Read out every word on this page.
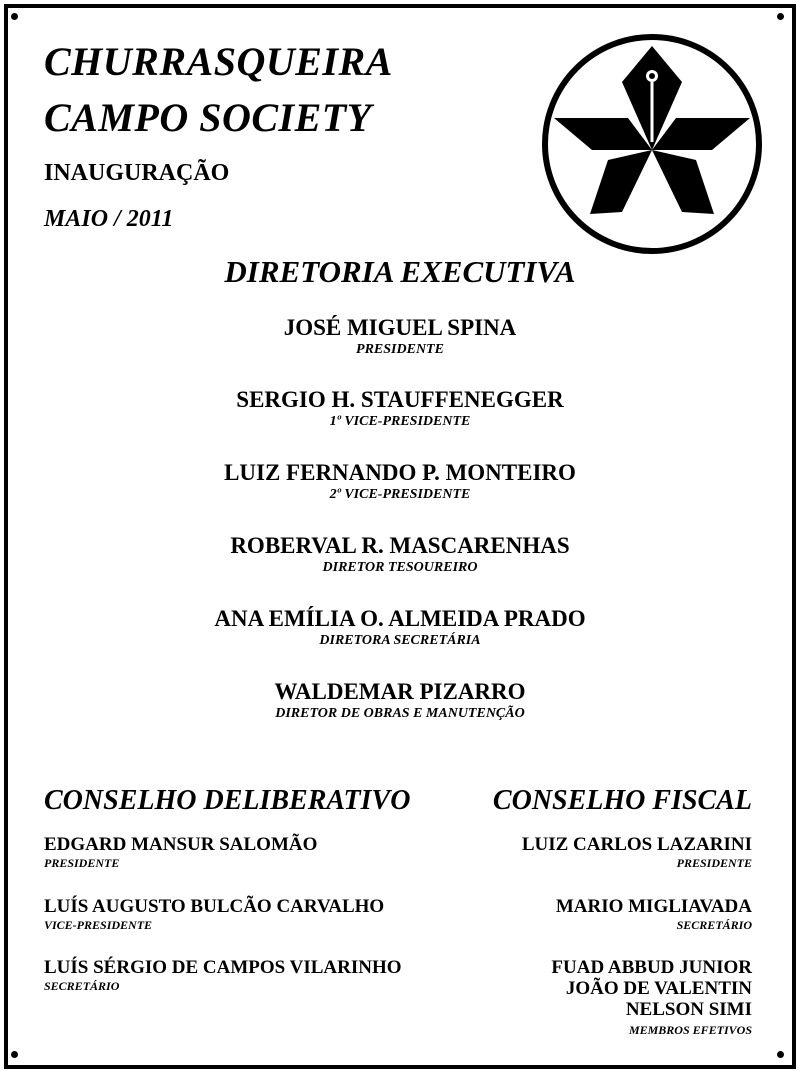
CHURRASQUEIRA
CAMPO SOCIETY

INAUGURAÇÃO

MAIO / 2011

DIRETORIA EXECUTIVA
JOSÉ MIGUEL SPINA
PRESIDENTE
SERGIO H. STAUFFENEGGER
1º VICE-PRESIDENTE
LUIZ FERNANDO P. MONTEIRO
2º VICE-PRESIDENTE
ROBERVAL R. MASCARENHAS
DIRETOR TESOUREIRO
ANA EMÍLIA O. ALMEIDA PRADO
DIRETORA SECRETÁRIA
WALDEMAR PIZARRO
DIRETOR DE OBRAS E MANUTENÇÃO
CONSELHO DELIBERATIVO	CONSELHO FISCAL
EDGARD MANSUR SALOMÃO
PRESIDENTE
LUÍS AUGUSTO BULCÃO CARVALHO
VICE-PRESIDENTE
LUÍS SÉRGIO DE CAMPOS VILARINHO
SECRETÁRIO
LUIZ CARLOS LAZARINI
PRESIDENTE
MARIO MIGLIAVADA
SECRETÁRIO
FUAD ABBUD JUNIOR
JOÃO DE VALENTIN
NELSON SIMI
MEMBROS EFETIVOS
